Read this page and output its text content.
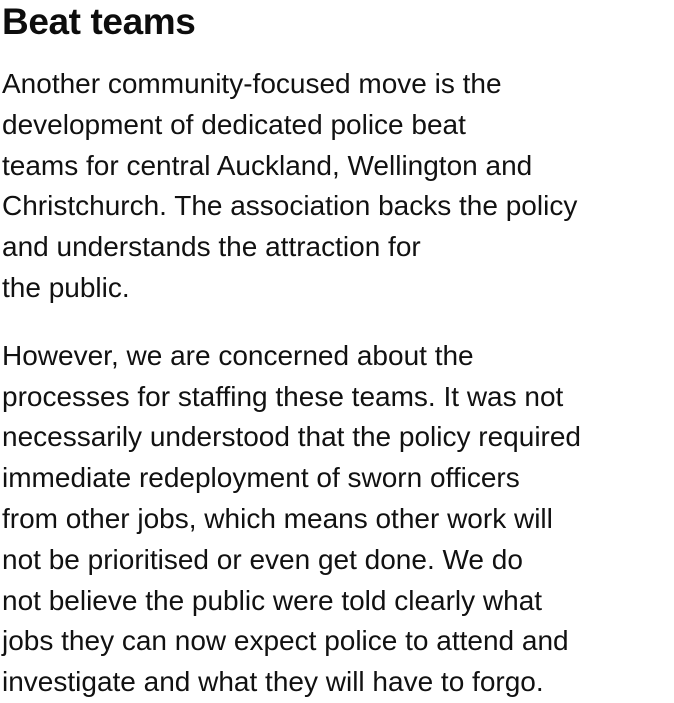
Beat teams

Another community-focused move is the
development of dedicated police beat
teams for central Auckland, Wellington and
Christchurch. The association backs the policy
and understands the attraction for
the public.

However, we are concerned about the
processes for staffing these teams. It was not
necessarily understood that the policy required
immediate redeployment of sworn officers
from other jobs, which means other work will
not be prioritised or even get done. We do
not believe the public were told clearly what
jobs they can now expect police to attend and
investigate and what they will have to forgo.
